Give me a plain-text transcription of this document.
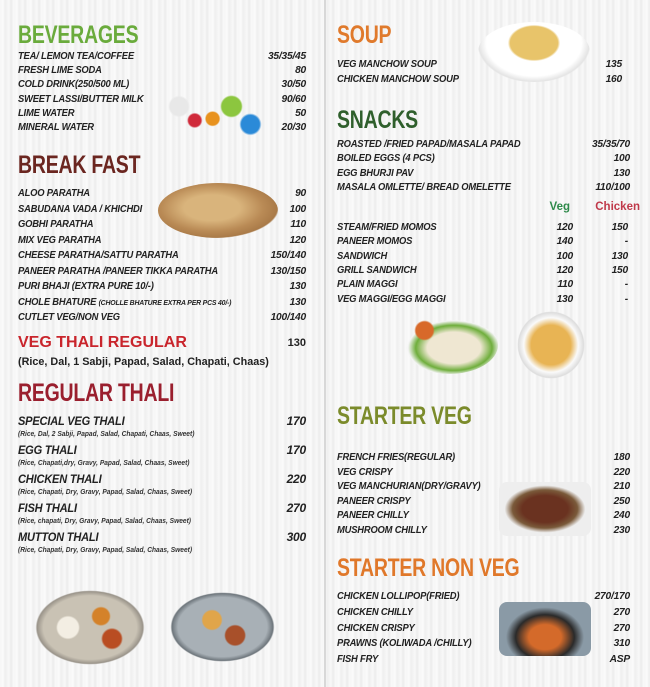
BEVERAGES
TEA/ LEMON TEA/COFFEE	35/35/45
FRESH LIME SODA	80
COLD DRINK(250/500 ML)	30/50
SWEET LASSI/BUTTER MILK	90/60
LIME WATER	50
MINERAL WATER	20/30
BREAK FAST
ALOO PARATHA	90
SABUDANA VADA / KHICHDI	100
GOBHI PARATHA	110
MIX VEG PARATHA	120
CHEESE PARATHA/SATTU PARATHA	150/140
PANEER PARATHA /PANEER TIKKA PARATHA	130/150
PURI BHAJI (EXTRA PURE 10/-)	130
CHOLE BHATURE (CHOLLE BHATURE EXTRA PER PCS 40/-)	130
CUTLET VEG/NON VEG	100/140
VEG THALI REGULAR	130
(Rice, Dal, 1 Sabji, Papad, Salad, Chapati, Chaas)
REGULAR THALI
SPECIAL VEG THALI	170
(Rice, Dal, 2 Sabji, Papad, Salad, Chapati, Chaas, Sweet)
EGG THALI	170
(Rice, Chapati,dry, Gravy, Papad, Salad, Chaas, Sweet)
CHICKEN THALI	220
(Rice, Chapati, Dry, Gravy, Papad, Salad, Chaas, Sweet)
FISH THALI	270
(Rice, chapati, Dry, Gravy, Papad, Salad, Chaas, Sweet)
MUTTON THALI	300
(Rice, Chapati, Dry, Gravy, Papad, Salad, Chaas, Sweet)
SOUP
VEG MANCHOW SOUP	135
CHICKEN MANCHOW SOUP	160
SNACKS
ROASTED /FRIED PAPAD/MASALA PAPAD	35/35/70
BOILED EGGS (4 PCS)	100
EGG BHURJI PAV	130
MASALA OMLETTE/ BREAD OMELETTE	110/100
Veg	Chicken
STEAM/FRIED MOMOS	120	150
PANEER MOMOS	140	-
SANDWICH	100	130
GRILL SANDWICH	120	150
PLAIN MAGGI	110	-
VEG MAGGI/EGG MAGGI	130	-
STARTER VEG
FRENCH FRIES(REGULAR)	180
VEG CRISPY	220
VEG MANCHURIAN(DRY/GRAVY)	210
PANEER CRISPY	250
PANEER CHILLY	240
MUSHROOM CHILLY	230
STARTER NON VEG
CHICKEN LOLLIPOP(FRIED)	270/170
CHICKEN CHILLY	270
CHICKEN CRISPY	270
PRAWNS (KOLIWADA /CHILLY)	310
FISH FRY	ASP
